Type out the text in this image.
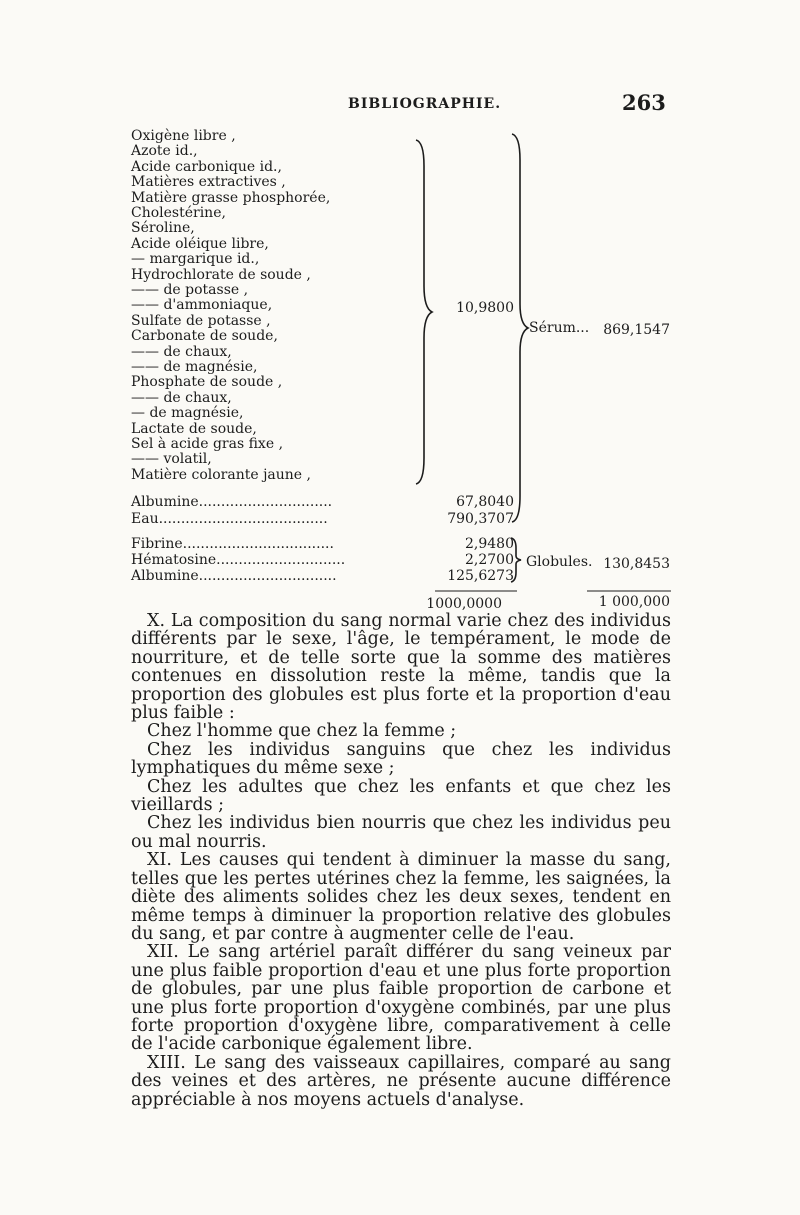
BIBLIOGRAPHIE.	263
Oxigène libre ,
Azote id.,
Acide carbonique id.,
Matières extractives ,
Matière grasse phosphorée,
Cholestérine,
Séroline,
Acide oléique libre,
— margarique id.,
Hydrochlorate de soude ,
—— de potasse ,
—— d'ammoniaque,
Sulfate de potasse ,
Carbonate de soude,
—— de chaux,
—— de magnésie,
Phosphate de soude ,
—— de chaux,
— de magnésie,
Lactate de soude,
Sel à acide gras fixe ,
—— volatil,
Matière colorante jaune ,
10,9800
Albumine..............................	67,8040
Eau......................................	790,3707
Sérum... 869,1547
Fibrine..................................	2,9480
Hématosine.............................	2,2700
Albumine...............................	125,6273
Globules. 130,8453
1000,0000	1 000,000

X. La composition du sang normal varie chez des individus différents par le sexe, l'âge, le tempérament, le mode de nourriture, et de telle sorte que la somme des matières contenues en dissolution reste la même, tandis que la proportion des globules est plus forte et la proportion d'eau plus faible :

Chez l'homme que chez la femme ;

Chez les individus sanguins que chez les individus lymphatiques du même sexe ;

Chez les adultes que chez les enfants et que chez les vieillards ;

Chez les individus bien nourris que chez les individus peu ou mal nourris.

XI. Les causes qui tendent à diminuer la masse du sang, telles que les pertes utérines chez la femme, les saignées, la diète des aliments solides chez les deux sexes, tendent en même temps à diminuer la proportion relative des globules du sang, et par contre à augmenter celle de l'eau.

XII. Le sang artériel paraît différer du sang veineux par une plus faible proportion d'eau et une plus forte proportion de globules, par une plus faible proportion de carbone et une plus forte proportion d'oxygène combinés, par une plus forte proportion d'oxygène libre, comparativement à celle de l'acide carbonique également libre.

XIII. Le sang des vaisseaux capillaires, comparé au sang des veines et des artères, ne présente aucune différence appréciable à nos moyens actuels d'analyse.
